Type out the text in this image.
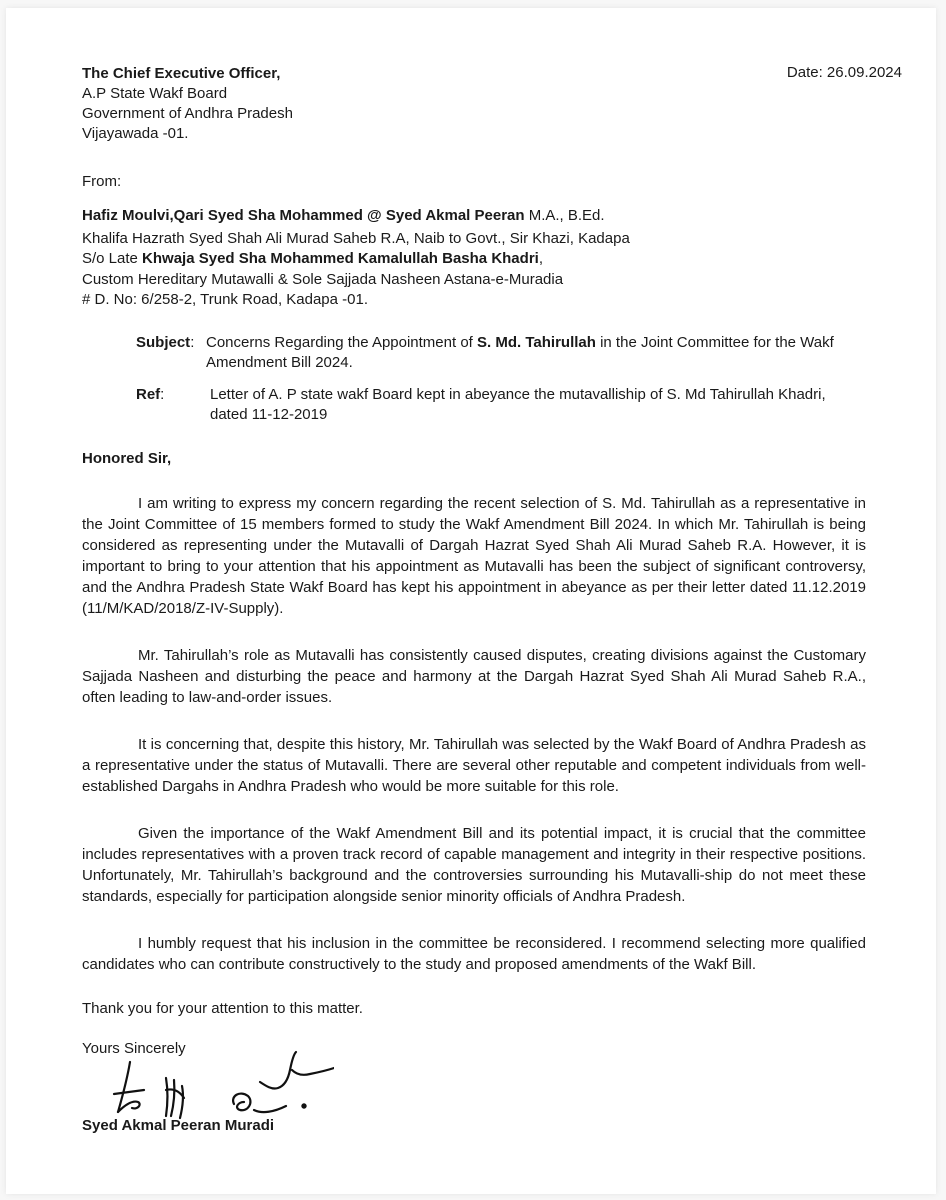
Date: 26.09.2024
The Chief Executive Officer,
A.P State Wakf Board
Government of Andhra Pradesh
Vijayawada -01.
From:
Hafiz Moulvi,Qari Syed Sha Mohammed @ Syed Akmal Peeran M.A., B.Ed.
Khalifa Hazrath Syed Shah Ali Murad Saheb R.A, Naib to Govt., Sir Khazi, Kadapa
S/o Late Khwaja Syed Sha Mohammed Kamalullah Basha Khadri,
Custom Hereditary Mutawalli & Sole Sajjada Nasheen Astana-e-Muradia
# D. No: 6/258-2, Trunk Road, Kadapa -01.
Subject: Concerns Regarding the Appointment of S. Md. Tahirullah in the Joint Committee for the Wakf Amendment Bill 2024.
Ref:	Letter of A. P state wakf Board kept in abeyance the mutavalliship of S. Md Tahirullah Khadri, dated 11-12-2019
Honored Sir,
I am writing to express my concern regarding the recent selection of S. Md. Tahirullah as a representative in the Joint Committee of 15 members formed to study the Wakf Amendment Bill 2024. In which Mr. Tahirullah is being considered as representing under the Mutavalli of Dargah Hazrat Syed Shah Ali Murad Saheb R.A. However, it is important to bring to your attention that his appointment as Mutavalli has been the subject of significant controversy, and the Andhra Pradesh State Wakf Board has kept his appointment in abeyance as per their letter dated 11.12.2019 (11/M/KAD/2018/Z-IV-Supply).
Mr. Tahirullah’s role as Mutavalli has consistently caused disputes, creating divisions against the Customary Sajjada Nasheen and disturbing the peace and harmony at the Dargah Hazrat Syed Shah Ali Murad Saheb R.A., often leading to law-and-order issues.
It is concerning that, despite this history, Mr. Tahirullah was selected by the Wakf Board of Andhra Pradesh as a representative under the status of Mutavalli. There are several other reputable and competent individuals from well-established Dargahs in Andhra Pradesh who would be more suitable for this role.
Given the importance of the Wakf Amendment Bill and its potential impact, it is crucial that the committee includes representatives with a proven track record of capable management and integrity in their respective positions. Unfortunately, Mr. Tahirullah’s background and the controversies surrounding his Mutavalli-ship do not meet these standards, especially for participation alongside senior minority officials of Andhra Pradesh.
I humbly request that his inclusion in the committee be reconsidered. I recommend selecting more qualified candidates who can contribute constructively to the study and proposed amendments of the Wakf Bill.
Thank you for your attention to this matter.
Yours Sincerely
Syed Akmal Peeran Muradi
